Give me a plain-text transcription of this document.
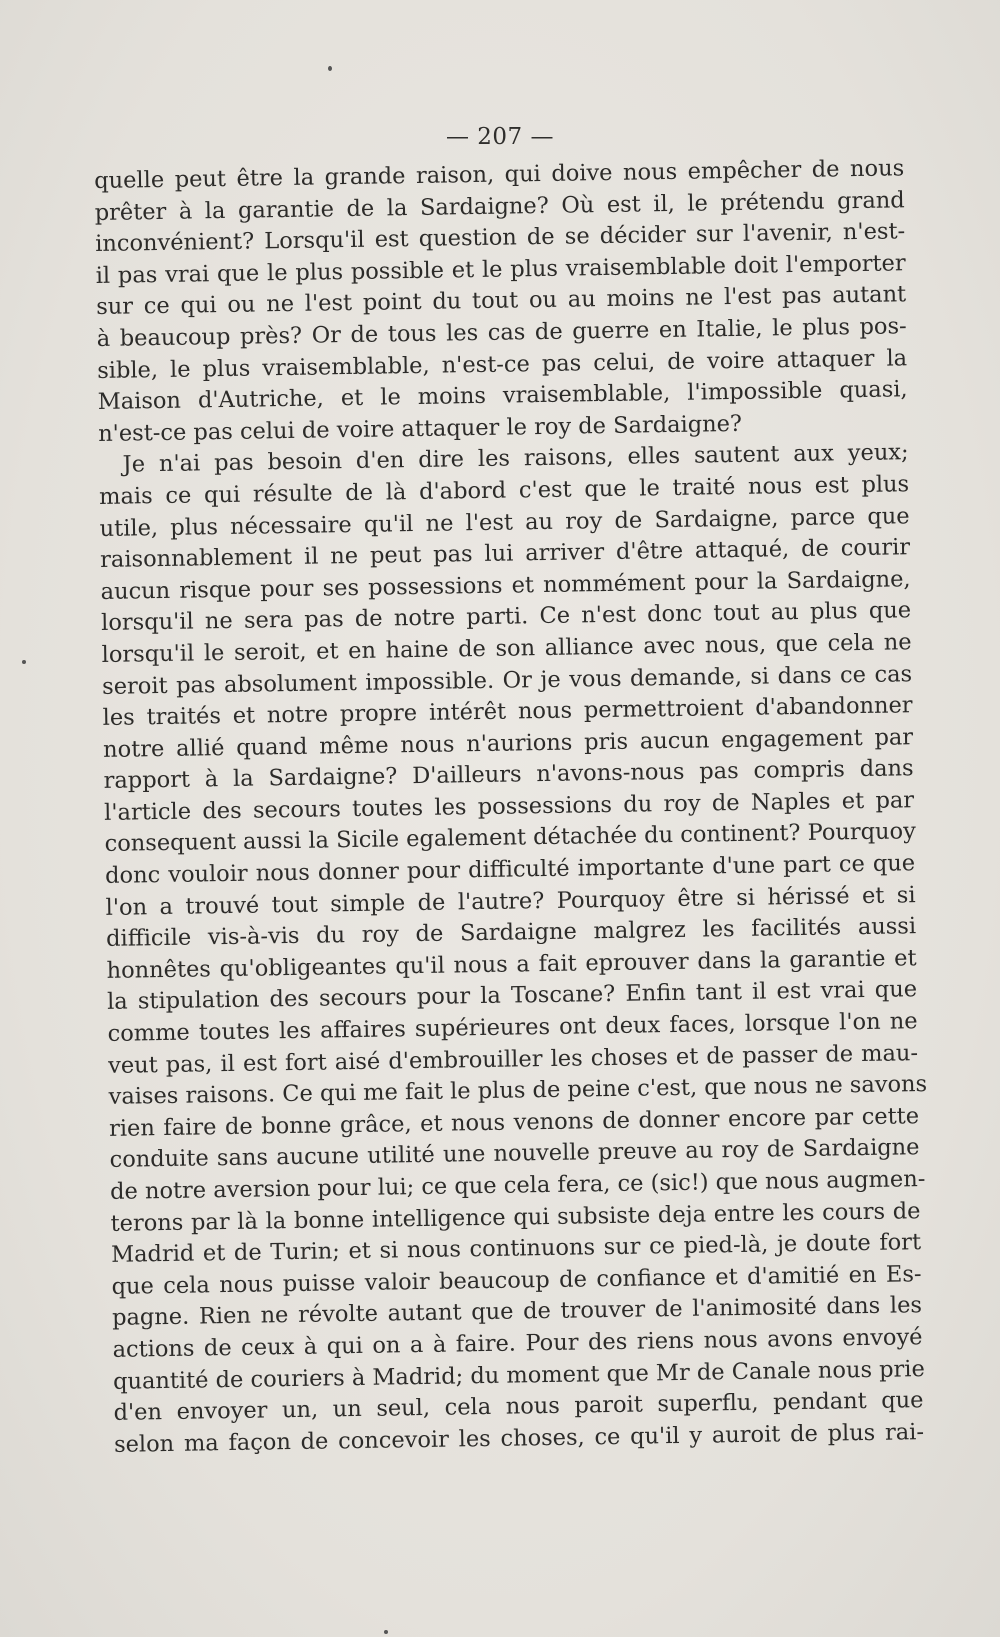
— 207 —
quelle peut être la grande raison, qui doive nous empêcher de nous
prêter à la garantie de la Sardaigne? Où est il, le prétendu grand
inconvénient? Lorsqu'il est question de se décider sur l'avenir, n'est-
il pas vrai que le plus possible et le plus vraisemblable doit l'emporter
sur ce qui ou ne l'est point du tout ou au moins ne l'est pas autant
à beaucoup près? Or de tous les cas de guerre en Italie, le plus pos-
sible, le plus vraisemblable, n'est-ce pas celui, de voire attaquer la
Maison d'Autriche, et le moins vraisemblable, l'impossible quasi,
n'est-ce pas celui de voire attaquer le roy de Sardaigne?
Je n'ai pas besoin d'en dire les raisons, elles sautent aux yeux;
mais ce qui résulte de là d'abord c'est que le traité nous est plus
utile, plus nécessaire qu'il ne l'est au roy de Sardaigne, parce que
raisonnablement il ne peut pas lui arriver d'être attaqué, de courir
aucun risque pour ses possessions et nommément pour la Sardaigne,
lorsqu'il ne sera pas de notre parti. Ce n'est donc tout au plus que
lorsqu'il le seroit, et en haine de son alliance avec nous, que cela ne
seroit pas absolument impossible. Or je vous demande, si dans ce cas
les traités et notre propre intérêt nous permettroient d'abandonner
notre allié quand même nous n'aurions pris aucun engagement par
rapport à la Sardaigne? D'ailleurs n'avons-nous pas compris dans
l'article des secours toutes les possessions du roy de Naples et par
consequent aussi la Sicile egalement détachée du continent? Pourquoy
donc vouloir nous donner pour difficulté importante d'une part ce que
l'on a trouvé tout simple de l'autre? Pourquoy être si hérissé et si
difficile vis-à-vis du roy de Sardaigne malgrez les facilités aussi
honnêtes qu'obligeantes qu'il nous a fait eprouver dans la garantie et
la stipulation des secours pour la Toscane? Enfin tant il est vrai que
comme toutes les affaires supérieures ont deux faces, lorsque l'on ne
veut pas, il est fort aisé d'embrouiller les choses et de passer de mau-
vaises raisons. Ce qui me fait le plus de peine c'est, que nous ne savons
rien faire de bonne grâce, et nous venons de donner encore par cette
conduite sans aucune utilité une nouvelle preuve au roy de Sardaigne
de notre aversion pour lui; ce que cela fera, ce (sic!) que nous augmen-
terons par là la bonne intelligence qui subsiste deja entre les cours de
Madrid et de Turin; et si nous continuons sur ce pied-là, je doute fort
que cela nous puisse valoir beaucoup de confiance et d'amitié en Es-
pagne. Rien ne révolte autant que de trouver de l'animosité dans les
actions de ceux à qui on a à faire. Pour des riens nous avons envoyé
quantité de couriers à Madrid; du moment que Mr de Canale nous prie
d'en envoyer un, un seul, cela nous paroit superflu, pendant que
selon ma façon de concevoir les choses, ce qu'il y auroit de plus rai-
